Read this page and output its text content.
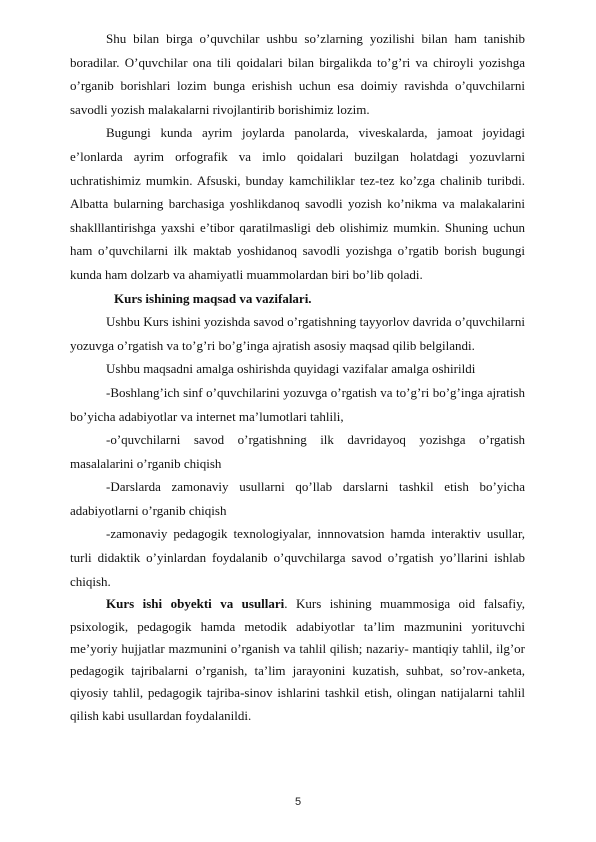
Shu bilan birga o’quvchilar ushbu so’zlarning yozilishi bilan ham tanishib boradilar. O’quvchilar ona tili qoidalari bilan birgalikda to’g’ri va chiroyli yozishga o’rganib borishlari lozim bunga erishish uchun esa doimiy ravishda o’quvchilarni savodli yozish malakalarni rivojlantirib borishimiz lozim.

Bugungi kunda ayrim joylarda panolarda, viveskalarda, jamoat joyidagi e’lonlarda ayrim orfografik va imlo qoidalari buzilgan holatdagi yozuvlarni uchratishimiz mumkin. Afsuski, bunday kamchiliklar tez-tez ko’zga chalinib turibdi. Albatta bularning barchasiga yoshlikdanoq savodli yozish ko’nikma va malakalarini shaklllantirishga yaxshi e’tibor qaratilmasligi deb olishimiz mumkin. Shuning uchun ham o’quvchilarni ilk maktab yoshidanoq savodli yozishga o’rgatib borish bugungi kunda ham dolzarb va ahamiyatli muammolardan biri bo’lib qoladi.

Kurs ishining maqsad va vazifalari.

Ushbu Kurs ishini yozishda savod o’rgatishning tayyorlov davrida o’quvchilarni yozuvga o’rgatish va to’g’ri bo’g’inga ajratish asosiy maqsad qilib belgilandi.

Ushbu maqsadni amalga oshirishda quyidagi vazifalar amalga oshirildi

-Boshlang’ich sinf o’quvchilarini yozuvga o’rgatish va to’g’ri bo’g’inga ajratish bo’yicha adabiyotlar va internet ma’lumotlari tahlili,

-o’quvchilarni savod o’rgatishning ilk davridayoq yozishga o’rgatish masalalarini o’rganib chiqish

-Darslarda zamonaviy usullarni qo’llab darslarni tashkil etish bo’yicha adabiyotlarni o’rganib chiqish

-zamonaviy pedagogik texnologiyalar, innnovatsion hamda interaktiv usullar, turli didaktik o’yinlardan foydalanib o’quvchilarga savod o’rgatish yo’llarini ishlab chiqish.

Kurs ishi obyekti va usullari. Kurs ishining muammosiga oid falsafiy, psixologik, pedagogik hamda metodik adabiyotlar ta’lim mazmunini yorituvchi me’yoriy hujjatlar mazmunini o’rganish va tahlil qilish; nazariy- mantiqiy tahlil, ilg’or pedagogik tajribalarni o’rganish, ta’lim jarayonini kuzatish, suhbat, so’rov-anketa, qiyosiy tahlil, pedagogik tajriba-sinov ishlarini tashkil etish, olingan natijalarni tahlil qilish kabi usullardan foydalanildi.

5
